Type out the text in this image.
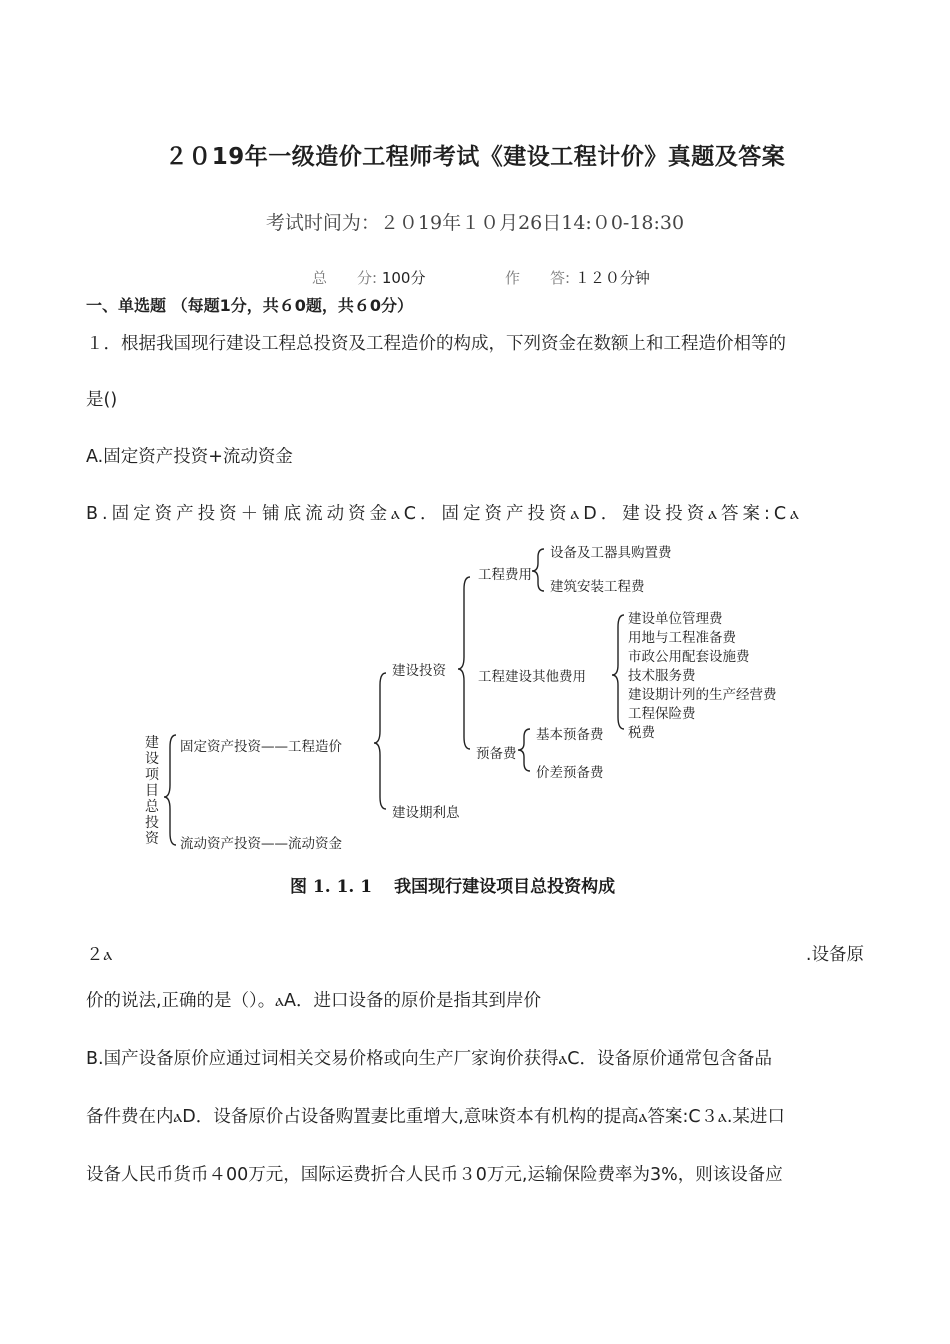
２０19年一级造价工程师考试《建设工程计价》真题及答案
考试时间为：２０19年１０月26日14:０0-18:30
总　　分: 100分	作　　答: １２０分钟
一、单选题 （每题1分，共６0题，共６0分）
１．根据我国现行建设工程总投资及工程造价的构成，下列资金在数额上和工程造价相等的
是()
A.固定资产投资+流动资金
B.固定资产投资＋铺底流动资金ⲁC．固定资产投资ⲁD．建设投资ⲁ答案:Cⲁ
建设项目总投资
固定资产投资——工程造价
流动资产投资——流动资金
建设投资
建设期利息
工程费用
设备及工器具购置费
建筑安装工程费
工程建设其他费用
建设单位管理费
用地与工程准备费
市政公用配套设施费
技术服务费
建设期计列的生产经营费
工程保险费
税费
预备费
基本预备费
价差预备费
图 1. 1. 1 我国现行建设项目总投资构成
２ⲁ	.设备原
价的说法,正确的是（）。ⲁA．进口设备的原价是指其到岸价
B.国产设备原价应通过词相关交易价格或向生产厂家询价获得ⲁC．设备原价通常包含备品
备件费在内ⲁD．设备原价占设备购置妻比重增大,意味资本有机构的提高ⲁ答案:C３ⲁ.某进口
设备人民币货币４00万元，国际运费折合人民币３0万元,运输保险费率为3%，则该设备应
